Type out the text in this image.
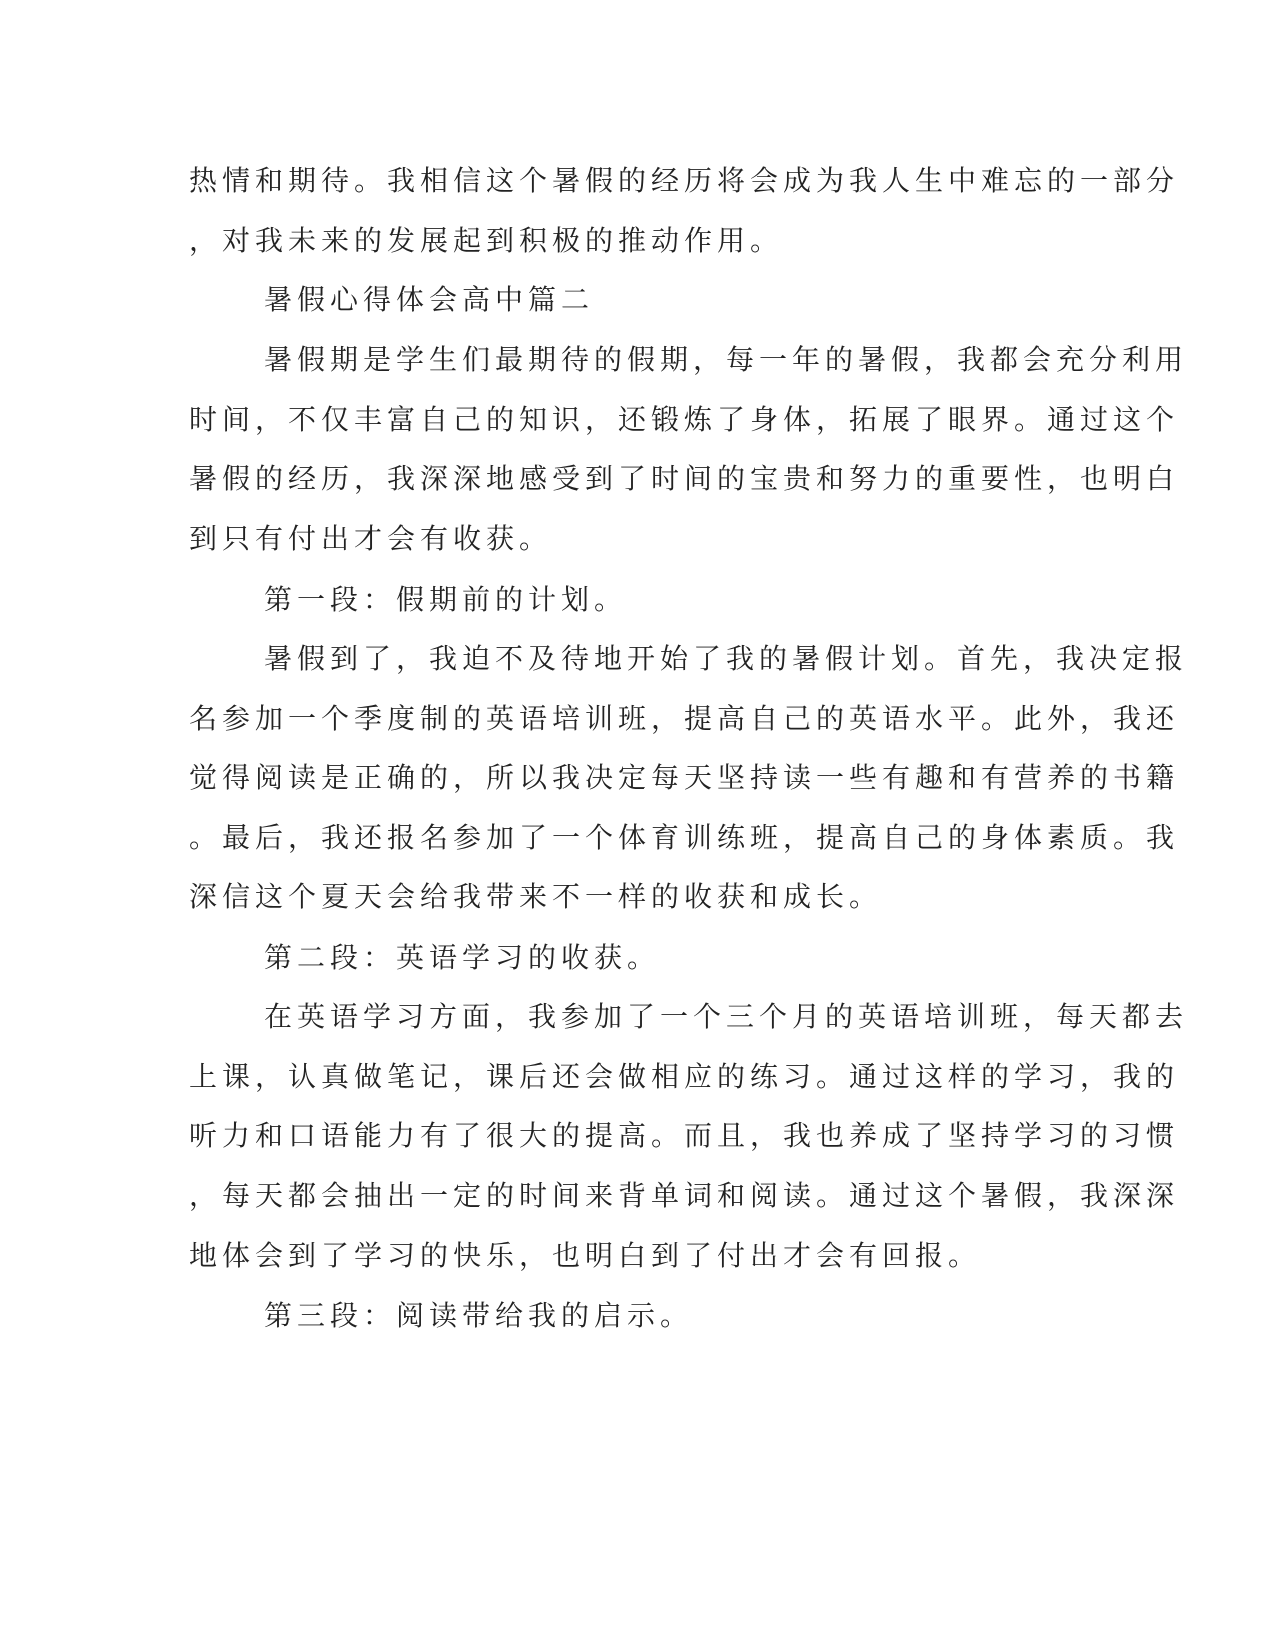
热情和期待。我相信这个暑假的经历将会成为我人生中难忘的一部分
，对我未来的发展起到积极的推动作用。
暑假心得体会高中篇二
暑假期是学生们最期待的假期，每一年的暑假，我都会充分利用
时间，不仅丰富自己的知识，还锻炼了身体，拓展了眼界。通过这个
暑假的经历，我深深地感受到了时间的宝贵和努力的重要性，也明白
到只有付出才会有收获。
第一段：假期前的计划。
暑假到了，我迫不及待地开始了我的暑假计划。首先，我决定报
名参加一个季度制的英语培训班，提高自己的英语水平。此外，我还
觉得阅读是正确的，所以我决定每天坚持读一些有趣和有营养的书籍
。最后，我还报名参加了一个体育训练班，提高自己的身体素质。我
深信这个夏天会给我带来不一样的收获和成长。
第二段：英语学习的收获。
在英语学习方面，我参加了一个三个月的英语培训班，每天都去
上课，认真做笔记，课后还会做相应的练习。通过这样的学习，我的
听力和口语能力有了很大的提高。而且，我也养成了坚持学习的习惯
，每天都会抽出一定的时间来背单词和阅读。通过这个暑假，我深深
地体会到了学习的快乐，也明白到了付出才会有回报。
第三段：阅读带给我的启示。
